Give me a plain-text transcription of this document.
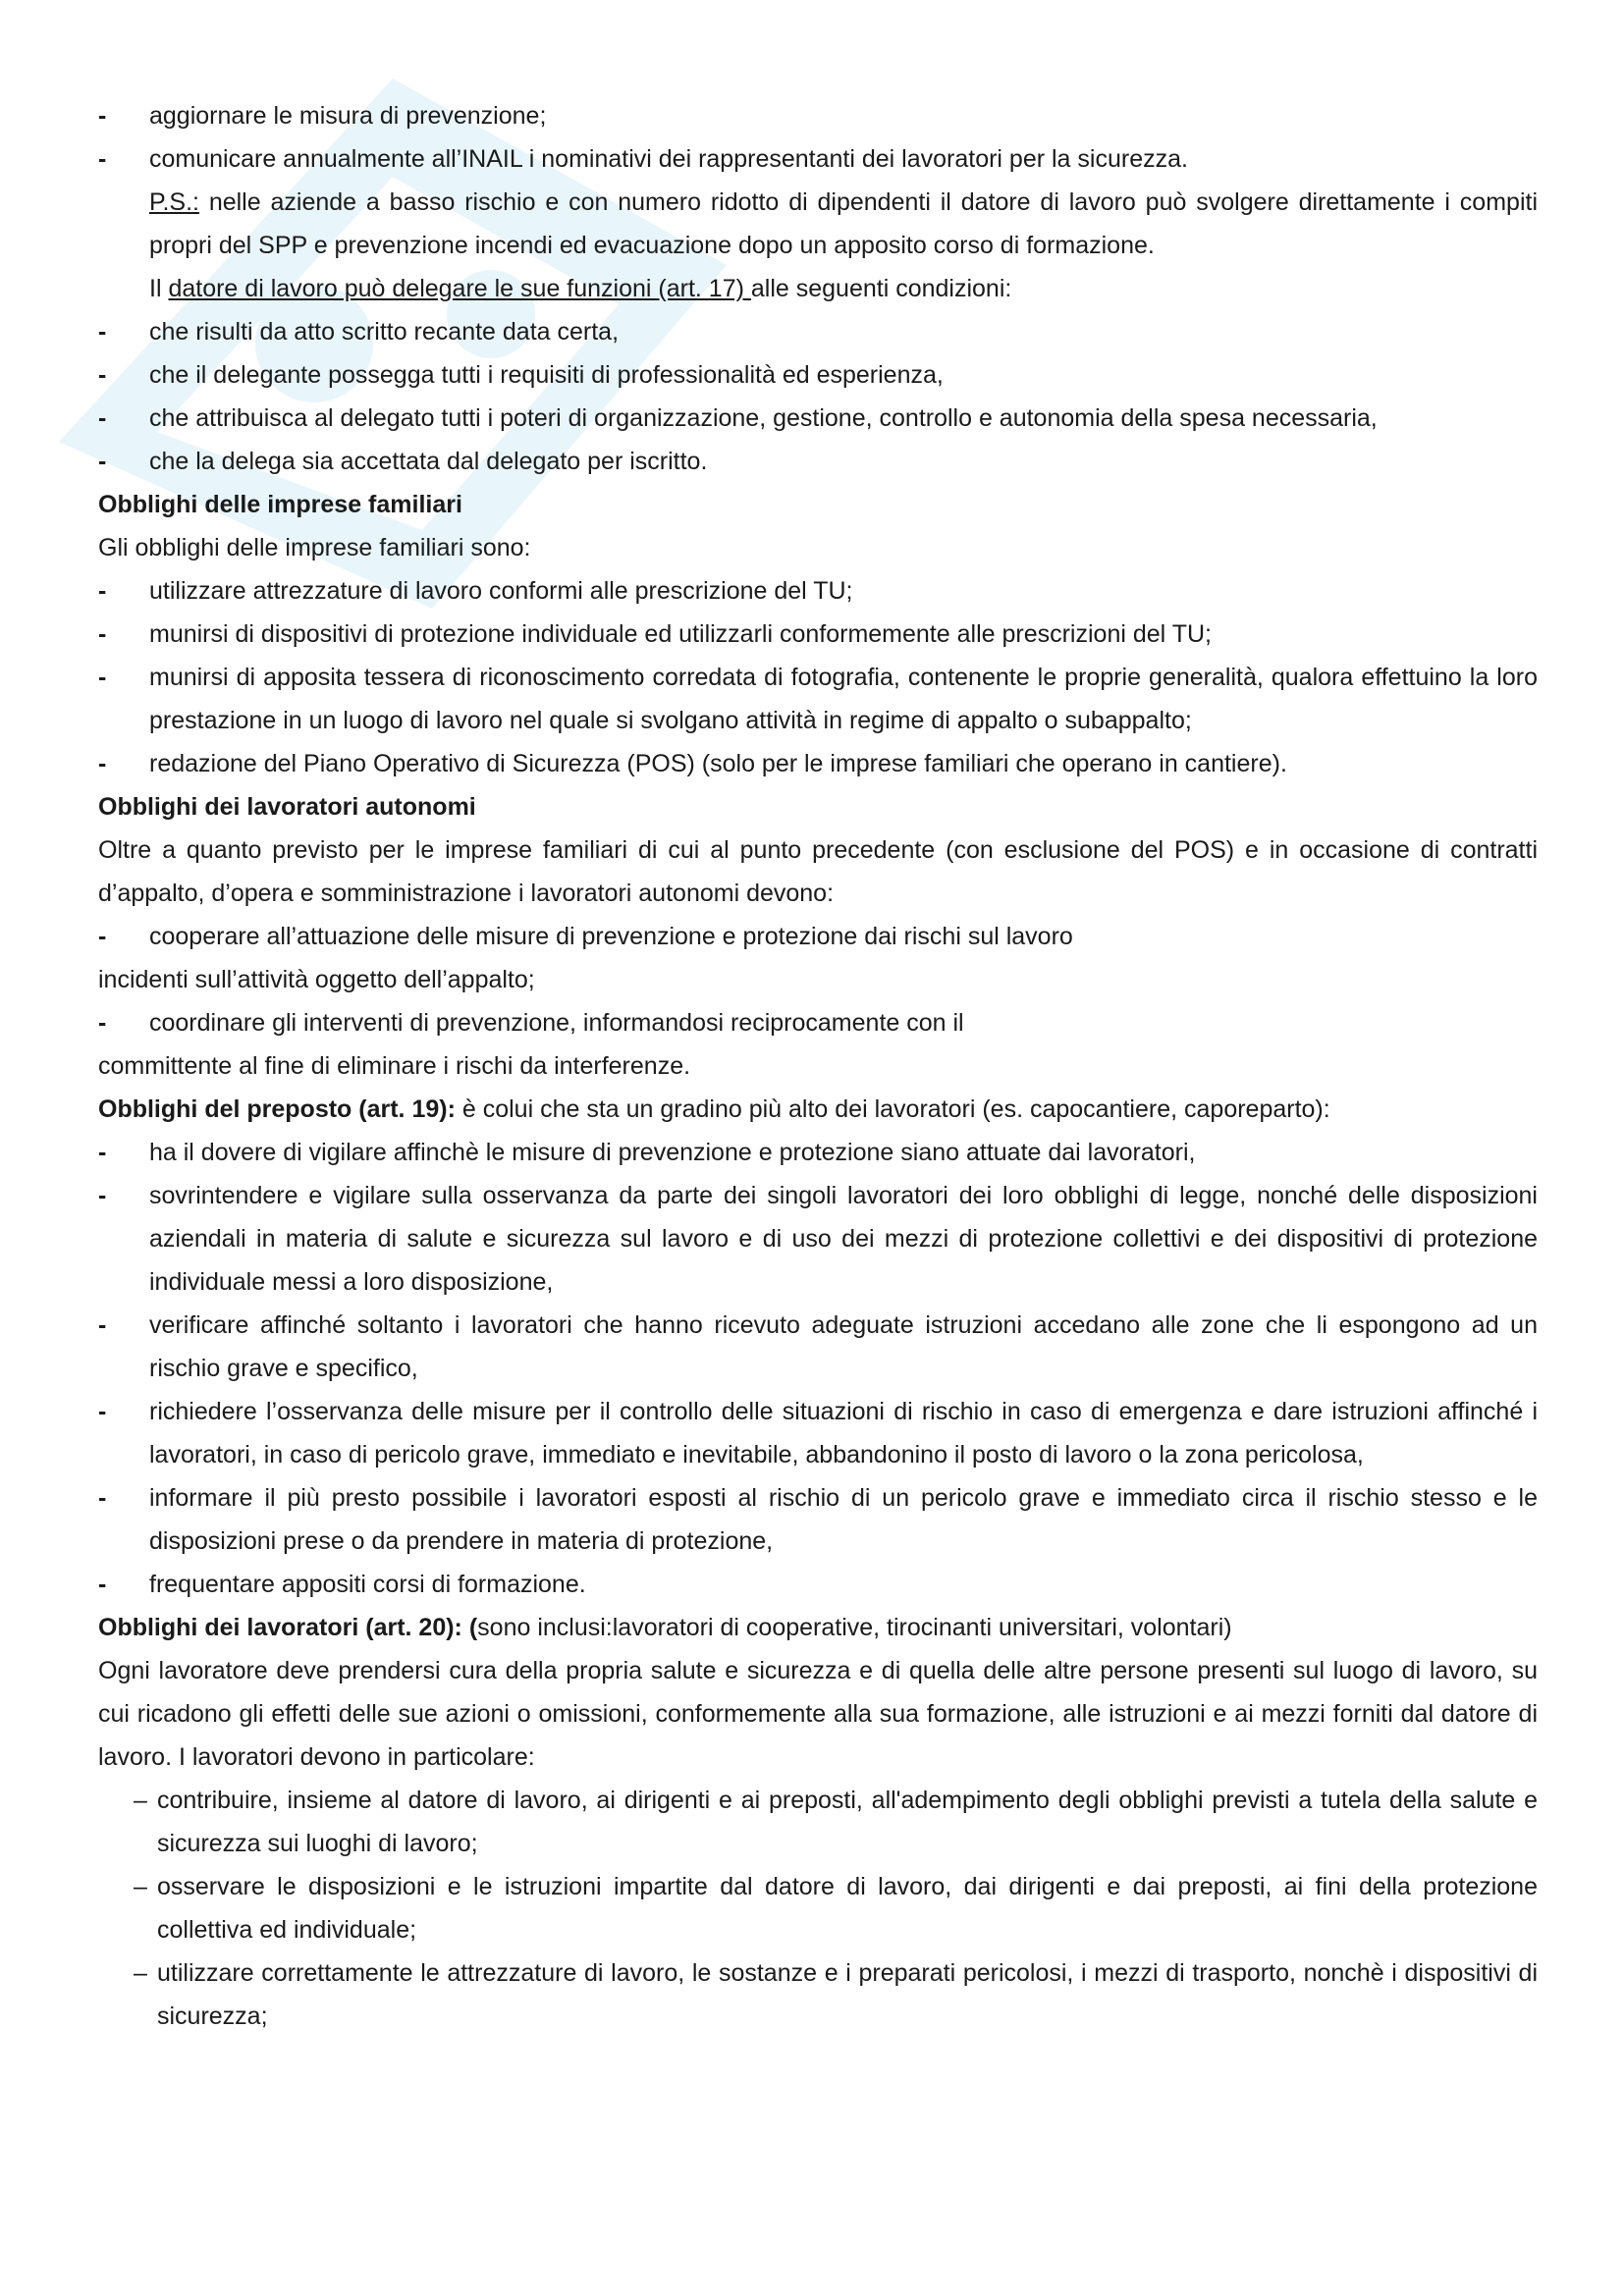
-	aggiornare le misura di prevenzione;
-	comunicare annualmente all’INAIL i nominativi dei rappresentanti dei lavoratori per la sicurezza.
P.S.: nelle aziende a basso rischio e con numero ridotto di dipendenti il datore di lavoro può svolgere direttamente i compiti propri del SPP e prevenzione incendi ed evacuazione dopo un apposito corso di formazione.
Il datore di lavoro può delegare le sue funzioni (art. 17) alle seguenti condizioni:
-	che risulti da atto scritto recante data certa,
-	che il delegante possegga tutti i requisiti di professionalità ed esperienza,
-	che attribuisca al delegato tutti i poteri di organizzazione, gestione, controllo e autonomia della spesa necessaria,
-	che la delega sia accettata dal delegato per iscritto.
Obblighi delle imprese familiari
Gli obblighi delle imprese familiari sono:
-	utilizzare attrezzature di lavoro conformi alle prescrizione del TU;
-	munirsi di dispositivi di protezione individuale ed utilizzarli conformemente alle prescrizioni del TU;
-	munirsi di apposita tessera di riconoscimento corredata di fotografia, contenente le proprie generalità, qualora effettuino la loro prestazione in un luogo di lavoro nel quale si svolgano attività in regime di appalto o subappalto;
-	redazione del Piano Operativo di Sicurezza (POS) (solo per le imprese familiari che operano in cantiere).
Obblighi dei lavoratori autonomi
Oltre a quanto previsto per le imprese familiari di cui al punto precedente (con esclusione del POS) e in occasione di contratti d’appalto, d’opera e somministrazione i lavoratori autonomi devono:
-	cooperare all’attuazione delle misure di prevenzione e protezione dai rischi sul lavoro
incidenti sull’attività oggetto dell’appalto;
-	coordinare gli interventi di prevenzione, informandosi reciprocamente con il
committente al fine di eliminare i rischi da interferenze.
Obblighi del preposto (art. 19): è colui che sta un gradino più alto dei lavoratori (es. capocantiere, caporeparto):
-	ha il dovere di vigilare affinchè le misure di prevenzione e protezione siano attuate dai lavoratori,
-	sovrintendere e vigilare sulla osservanza da parte dei singoli lavoratori dei loro obblighi di legge, nonché delle disposizioni aziendali in materia di salute e sicurezza sul lavoro e di uso dei mezzi di protezione collettivi e dei dispositivi di protezione individuale messi a loro disposizione,
-	verificare affinché soltanto i lavoratori che hanno ricevuto adeguate istruzioni accedano alle zone che li espongono ad un rischio grave e specifico,
-	richiedere l’osservanza delle misure per il controllo delle situazioni di rischio in caso di emergenza e dare istruzioni affinché i lavoratori, in caso di pericolo grave, immediato e inevitabile, abbandonino il posto di lavoro o la zona pericolosa,
-	informare il più presto possibile i lavoratori esposti al rischio di un pericolo grave e immediato circa il rischio stesso e le disposizioni prese o da prendere in materia di protezione,
-	frequentare appositi corsi di formazione.
Obblighi dei lavoratori (art. 20): (sono inclusi:lavoratori di cooperative, tirocinanti universitari, volontari)
Ogni lavoratore deve prendersi cura della propria salute e sicurezza e di quella delle altre persone presenti sul luogo di lavoro, su cui ricadono gli effetti delle sue azioni o omissioni, conformemente alla sua formazione, alle istruzioni e ai mezzi forniti dal datore di lavoro. I lavoratori devono in particolare:
– contribuire, insieme al datore di lavoro, ai dirigenti e ai preposti, all'adempimento degli obblighi previsti a tutela della salute e sicurezza sui luoghi di lavoro;
– osservare le disposizioni e le istruzioni impartite dal datore di lavoro, dai dirigenti e dai preposti, ai fini della protezione collettiva ed individuale;
– utilizzare correttamente le attrezzature di lavoro, le sostanze e i preparati pericolosi, i mezzi di trasporto, nonchè i dispositivi di sicurezza;
